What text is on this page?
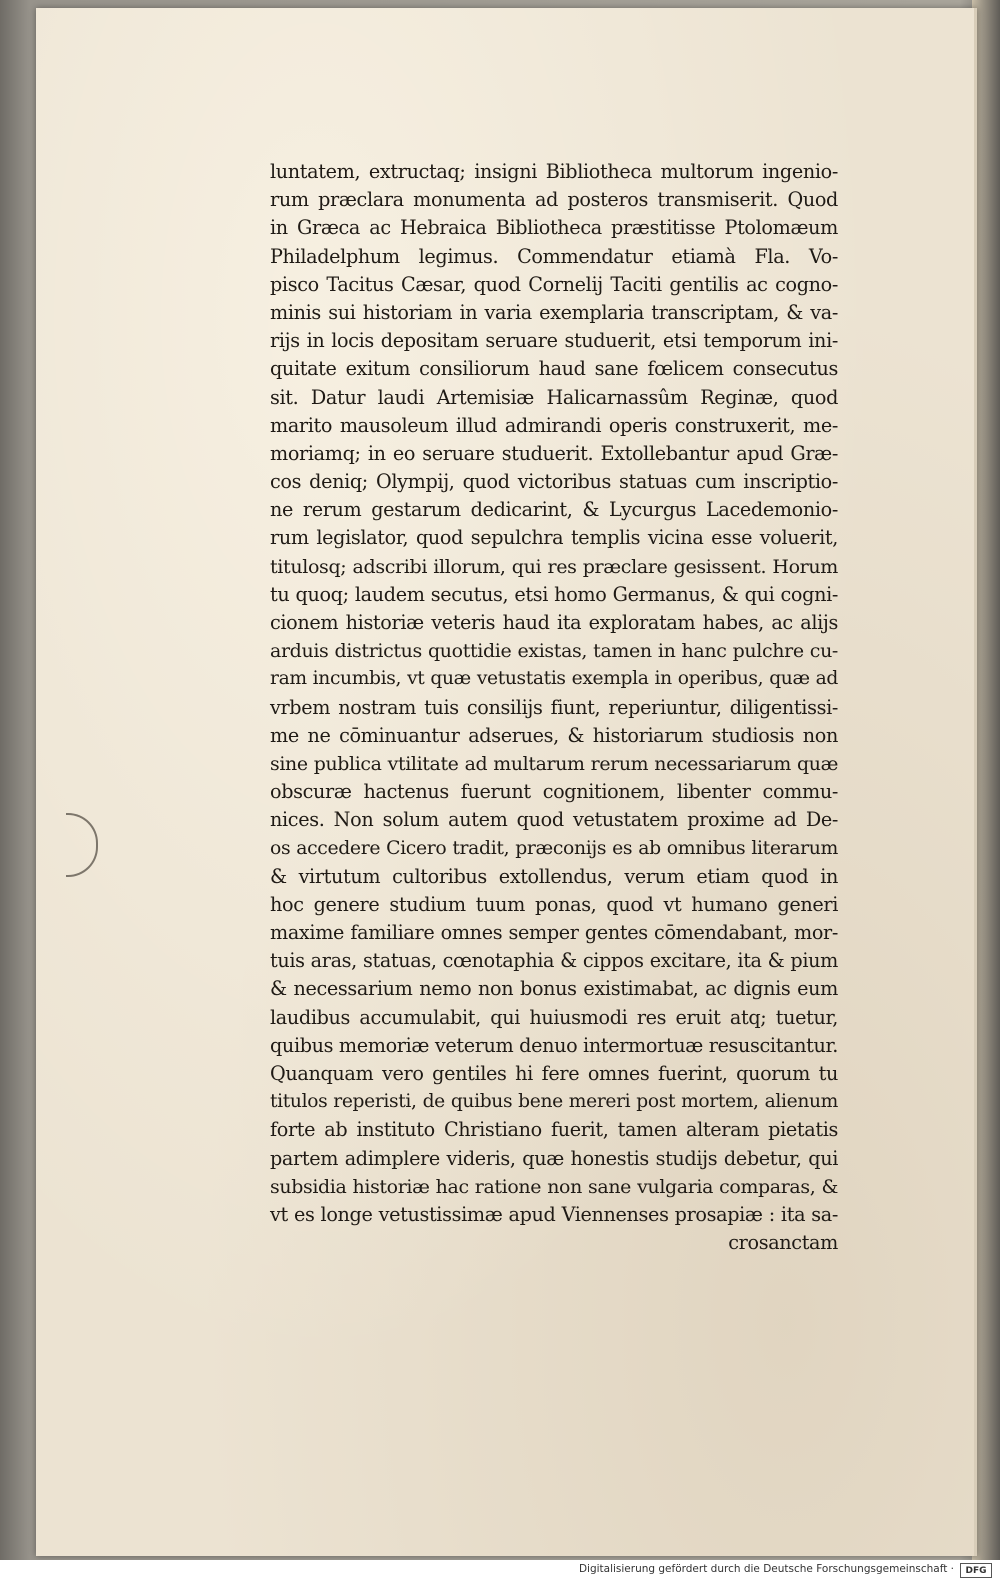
luntatem, extructaq; insigni Bibliotheca multorum ingenio-
rum præclara monumenta ad posteros transmiserit. Quod
in Græca ac Hebraica Bibliotheca præstitisse Ptolomæum
Philadelphum legimus. Commendatur etiamà Fla. Vo-
pisco Tacitus Cæsar, quod Cornelij Taciti gentilis ac cogno-
minis sui historiam in varia exemplaria transcriptam, & va-
rijs in locis depositam seruare studuerit, etsi temporum ini-
quitate exitum consiliorum haud sane fœlicem consecutus
sit. Datur laudi Artemisiæ Halicarnassûm Reginæ, quod
marito mausoleum illud admirandi operis construxerit, me-
moriamq; in eo seruare studuerit. Extollebantur apud Græ-
cos deniq; Olympij, quod victoribus statuas cum inscriptio-
ne rerum gestarum dedicarint, & Lycurgus Lacedemonio-
rum legislator, quod sepulchra templis vicina esse voluerit,
titulosq; adscribi illorum, qui res præclare gesissent. Horum
tu quoq; laudem secutus, etsi homo Germanus, & qui cogni-
cionem historiæ veteris haud ita exploratam habes, ac alijs
arduis districtus quottidie existas, tamen in hanc pulchre cu-
ram incumbis, vt quæ vetustatis exempla in operibus, quæ ad
vrbem nostram tuis consilijs fiunt, reperiuntur, diligentissi-
me ne cōminuantur adserues, & historiarum studiosis non
sine publica vtilitate ad multarum rerum necessariarum quæ
obscuræ hactenus fuerunt cognitionem, libenter commu-
nices. Non solum autem quod vetustatem proxime ad De-
os accedere Cicero tradit, præconijs es ab omnibus literarum
& virtutum cultoribus extollendus, verum etiam quod in
hoc genere studium tuum ponas, quod vt humano generi
maxime familiare omnes semper gentes cōmendabant, mor-
tuis aras, statuas, cœnotaphia & cippos excitare, ita & pium
& necessarium nemo non bonus existimabat, ac dignis eum
laudibus accumulabit, qui huiusmodi res eruit atq; tuetur,
quibus memoriæ veterum denuo intermortuæ resuscitantur.
Quanquam vero gentiles hi fere omnes fuerint, quorum tu
titulos reperisti, de quibus bene mereri post mortem, alienum
forte ab instituto Christiano fuerit, tamen alteram pietatis
partem adimplere videris, quæ honestis studijs debetur, qui
subsidia historiæ hac ratione non sane vulgaria comparas, &
vt es longe vetustissimæ apud Viennenses prosapiæ : ita sa-
crosanctam
Digitalisierung gefördert durch die Deutsche Forschungsgemeinschaft ·	DFG
